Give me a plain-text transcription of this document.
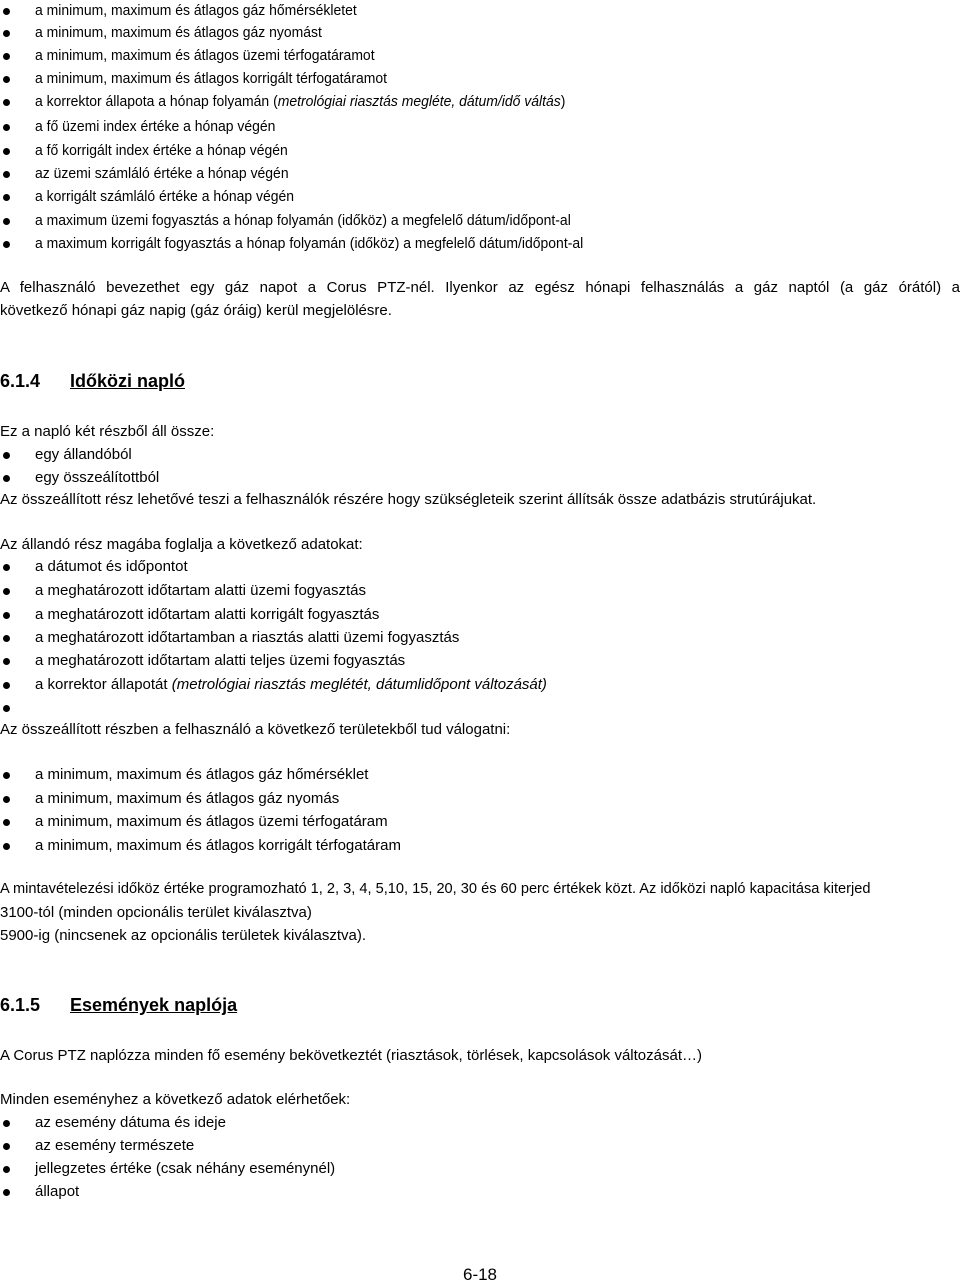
a minimum, maximum és átlagos gáz hőmérsékletet
a minimum, maximum és átlagos gáz nyomást
a minimum, maximum és átlagos üzemi térfogatáramot
a minimum, maximum és átlagos korrigált térfogatáramot
a korrektor állapota a hónap folyamán (metrológiai riasztás megléte, dátum/idő váltás)
a fő üzemi index értéke a hónap végén
a fő korrigált index értéke a hónap végén
az üzemi számláló értéke a hónap végén
a korrigált számláló értéke a hónap végén
a maximum üzemi fogyasztás a hónap folyamán (időköz) a megfelelő dátum/időpont-al
a maximum korrigált fogyasztás a hónap folyamán (időköz) a megfelelő dátum/időpont-al
A felhasználó bevezethet egy gáz napot a Corus PTZ-nél. Ilyenkor az egész hónapi felhasználás a gáz naptól (a gáz órától) a
következő hónapi gáz napig (gáz óráig) kerül megjelölésre.
6.1.4 Időközi napló
Ez a napló két részből áll össze:
egy állandóból
egy összeálítottból
Az összeállított rész lehetővé teszi a felhasználók részére hogy szükségleteik szerint állítsák össze adatbázis strutúrájukat.
Az állandó rész magába foglalja a következő adatokat:
a dátumot és időpontot
a meghatározott időtartam alatti üzemi fogyasztás
a meghatározott időtartam alatti korrigált fogyasztás
a meghatározott időtartamban a riasztás alatti üzemi fogyasztás
a meghatározott időtartam alatti teljes üzemi fogyasztás
a korrektor állapotát (metrológiai riasztás meglétét, dátumlidőpont változását)
Az összeállított részben a felhasználó a következő területekből tud válogatni:
a minimum, maximum és átlagos gáz hőmérséklet
a minimum, maximum és átlagos gáz nyomás
a minimum, maximum és átlagos üzemi térfogatáram
a minimum, maximum és átlagos korrigált térfogatáram
A mintavételezési időköz értéke programozható 1, 2, 3, 4, 5,10, 15, 20, 30 és 60 perc értékek közt. Az időközi napló kapacitása kiterjed
3100-tól (minden opcionális terület kiválasztva)
5900-ig (nincsenek az opcionális területek kiválasztva).
6.1.5 Események naplója
A Corus PTZ naplózza minden fő esemény bekövetkeztét (riasztások, törlések, kapcsolások változását…)
Minden eseményhez a következő adatok elérhetőek:
az esemény dátuma és ideje
az esemény természete
jellegzetes értéke (csak néhány eseménynél)
állapot
6-18
